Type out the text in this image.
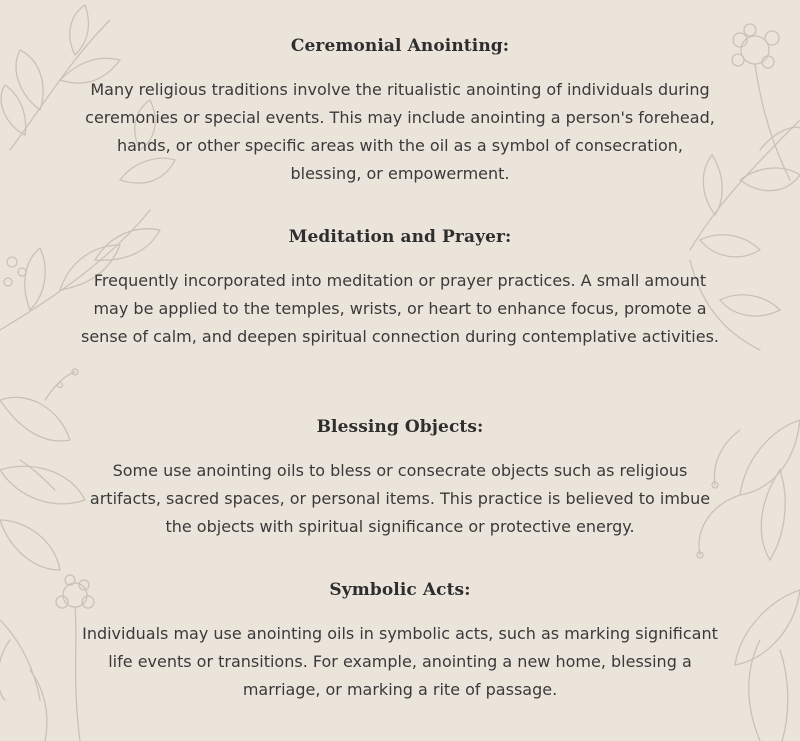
Ceremonial Anointing:

Many religious traditions involve the ritualistic anointing of individuals during ceremonies or special events. This may include anointing a person's forehead, hands, or other specific areas with the oil as a symbol of consecration, blessing, or empowerment.

Meditation and Prayer:

Frequently incorporated into meditation or prayer practices. A small amount may be applied to the temples, wrists, or heart to enhance focus, promote a sense of calm, and deepen spiritual connection during contemplative activities.

Blessing Objects:

Some use anointing oils to bless or consecrate objects such as religious artifacts, sacred spaces, or personal items. This practice is believed to imbue the objects with spiritual significance or protective energy.

Symbolic Acts:

Individuals may use anointing oils in symbolic acts, such as marking significant life events or transitions. For example, anointing a new home, blessing a marriage, or marking a rite of passage.
